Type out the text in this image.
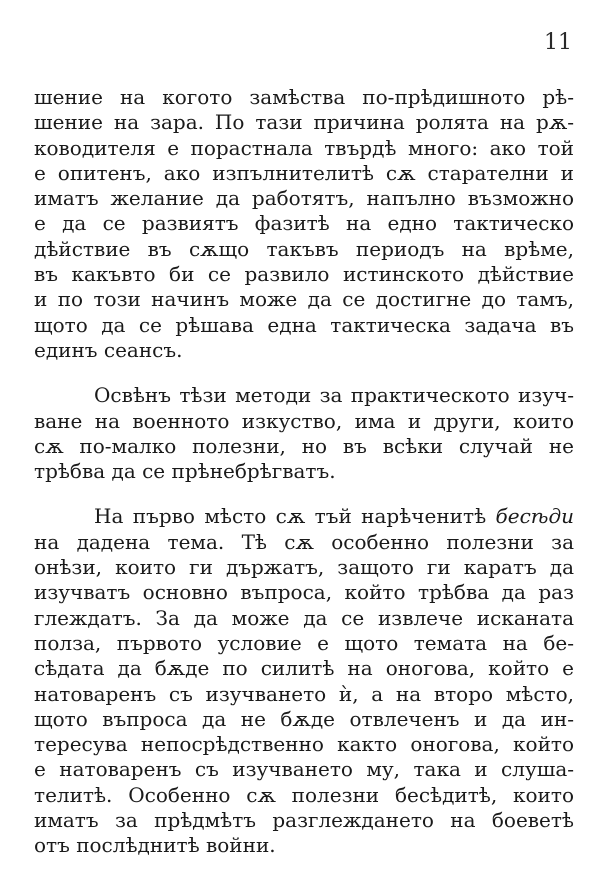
11
шение на когото замѣства по-прѣдишното рѣ-
шение на зара. По тази причина ролята на рѫ-
ководителя е порастнала твърдѣ много: ако той
е опитенъ, ако изпълнителитѣ сѫ старателни и
иматъ желание да работятъ, напълно възможно
е да се развиятъ фазитѣ на едно тактическо
дѣйствие въ сѫщо такъвъ периодъ на врѣме,
въ какъвто би се развило истинското дѣйствие
и по този начинъ може да се достигне до тамъ,
щото да се рѣшава една тактическа задача въ
единъ сеансъ.
Освѣнъ тѣзи методи за практическото изуч-
ване на военното изкуство, има и други, които
сѫ по-малко полезни, но въ всѣки случай не
трѣбва да се прѣнебрѣгватъ.
На първо мѣсто сѫ тъй нарѣченитѣ бесѣди
на дадена тема. Тѣ сѫ особенно полезни за
онѣзи, които ги държатъ, защото ги каратъ да
изучватъ основно въпроса, който трѣбва да раз
глеждатъ. За да може да се извлече исканата
полза, първото условие е щото темата на бе-
сѣдата да бѫде по силитѣ на оногова, който е
натоваренъ съ изучването ѝ, а на второ мѣсто,
щото въпроса да не бѫде отвлеченъ и да ин-
тересува непосрѣдственно както оногова, който
е натоваренъ съ изучването му, така и слуша-
телитѣ. Особенно сѫ полезни бесѣдитѣ, които
иматъ за прѣдмѣтъ разглеждането на боеветѣ
отъ послѣднитѣ войни.
